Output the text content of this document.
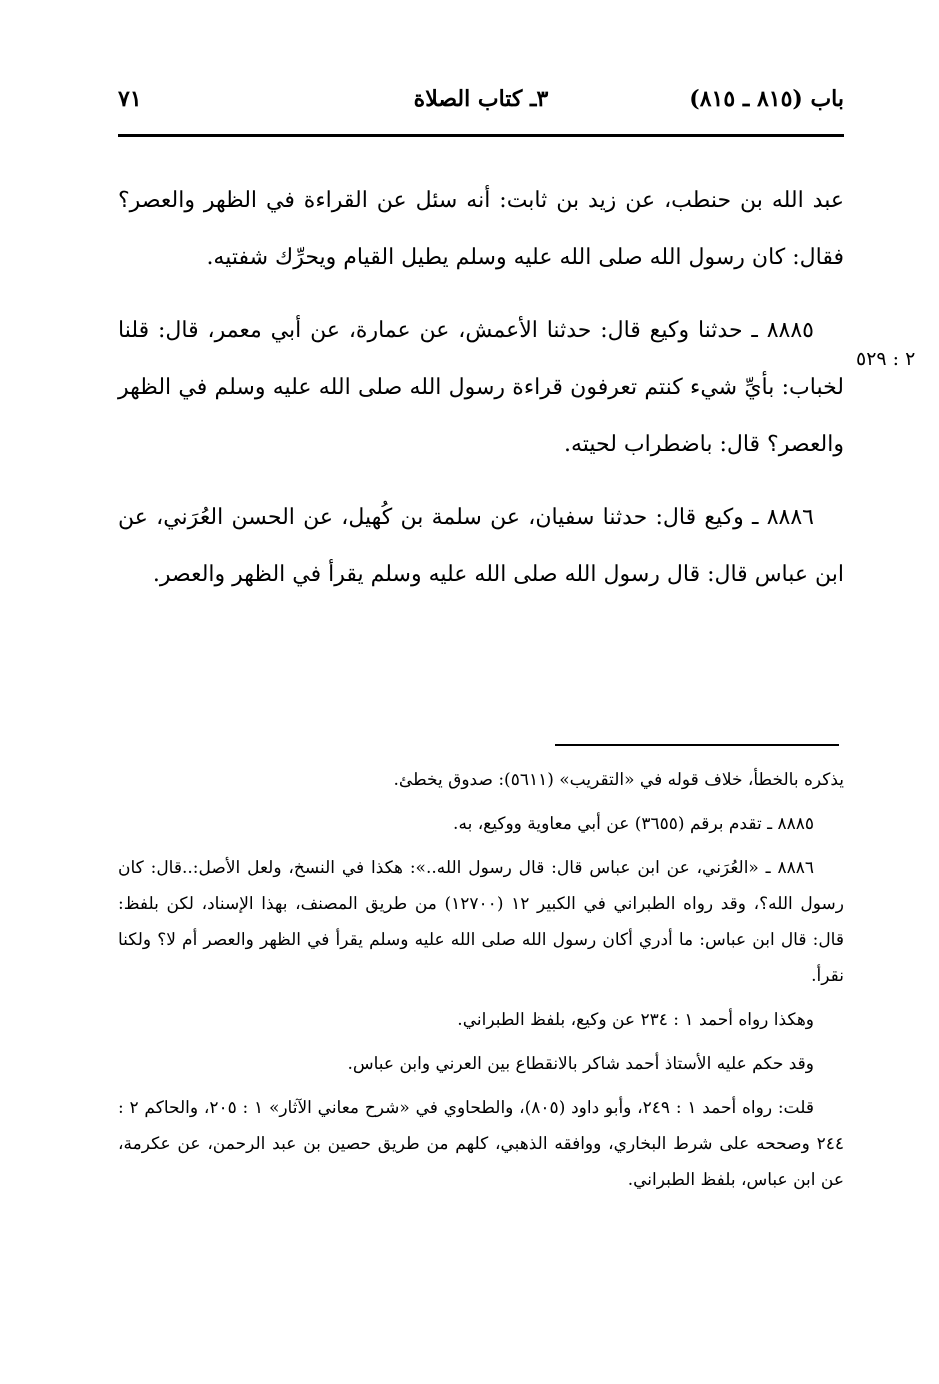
باب (٨١٥ ـ ٨١٥)
٣ـ كتاب الصلاة
٧١
٢ : ٥٢٩

عبد الله بن حنطب، عن زيد بن ثابت: أنه سئل عن القراءة في الظهر والعصر؟ فقال: كان رسول الله صلى الله عليه وسلم يطيل القيام ويحرِّك شفتيه.

٨٨٨٥ ـ حدثنا وكيع قال: حدثنا الأعمش، عن عمارة، عن أبي معمر، قال: قلنا لخباب: بأيِّ شيء كنتم تعرفون قراءة رسول الله صلى الله عليه وسلم في الظهر والعصر؟ قال: باضطراب لحيته.

٨٨٨٦ ـ وكيع قال: حدثنا سفيان، عن سلمة بن كُهيل، عن الحسن العُرَني، عن ابن عباس قال: قال رسول الله صلى الله عليه وسلم يقرأ في الظهر والعصر.

يذكره بالخطأ، خلاف قوله في «التقريب» (٥٦١١): صدوق يخطئ.

٨٨٨٥ ـ تقدم برقم (٣٦٥٥) عن أبي معاوية ووكيع، به.

٨٨٨٦ ـ «العُرَني، عن ابن عباس قال: قال رسول الله..»: هكذا في النسخ، ولعل الأصل:..قال: كان رسول الله؟، وقد رواه الطبراني في الكبير ١٢ (١٢٧٠٠) من طريق المصنف، بهذا الإسناد، لكن بلفظ: قال: قال ابن عباس: ما أدري أكان رسول الله صلى الله عليه وسلم يقرأ في الظهر والعصر أم لا؟ ولكنا نقرأ.

وهكذا رواه أحمد ١ : ٢٣٤ عن وكيع، بلفظ الطبراني.

وقد حكم عليه الأستاذ أحمد شاكر بالانقطاع بين العرني وابن عباس.

قلت: رواه أحمد ١ : ٢٤٩، وأبو داود (٨٠٥)، والطحاوي في «شرح معاني الآثار» ١ : ٢٠٥، والحاكم ٢ : ٢٤٤ وصححه على شرط البخاري، ووافقه الذهبي، كلهم من طريق حصين بن عبد الرحمن، عن عكرمة، عن ابن عباس، بلفظ الطبراني.
